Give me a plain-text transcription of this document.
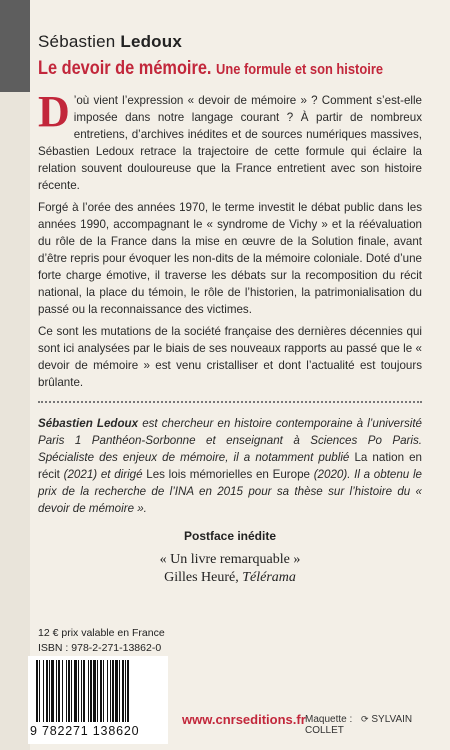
Sébastien Ledoux
Le devoir de mémoire. Une formule et son histoire

D ’où vient l’expression « devoir de mémoire » ? Comment s’est-elle imposée dans notre langage courant ? À partir de nombreux entretiens, d’archives inédites et de sources numériques massives, Sébastien Ledoux retrace la trajectoire de cette formule qui éclaire la relation souvent douloureuse que la France entretient avec son histoire récente.

Forgé à l’orée des années 1970, le terme investit le débat public dans les années 1990, accompagnant le « syndrome de Vichy » et la réévaluation du rôle de la France dans la mise en œuvre de la Solution finale, avant d’être repris pour évoquer les non-dits de la mémoire coloniale. Doté d’une forte charge émotive, il traverse les débats sur la recomposition du récit national, la place du témoin, le rôle de l’historien, la patrimonialisation du passé ou la reconnaissance des victimes.

Ce sont les mutations de la société française des dernières décennies qui sont ici analysées par le biais de ses nouveaux rapports au passé que le « devoir de mémoire » est venu cristalliser et dont l’actualité est toujours brûlante.

Sébastien Ledoux est chercheur en histoire contemporaine à l’université Paris 1 Panthéon-Sorbonne et enseignant à Sciences Po Paris. Spécialiste des enjeux de mémoire, il a notamment publié La nation en récit (2021) et dirigé Les lois mémorielles en Europe (2020). Il a obtenu le prix de la recherche de l’INA en 2015 pour sa thèse sur l’histoire du « devoir de mémoire ».
Postface inédite
« Un livre remarquable »
Gilles Heuré, Télérama
12 € prix valable en France
ISBN : 978-2-271-13862-0
9 782271 138620
www.cnrseditions.fr Maquette : ⟳ SYLVAIN COLLET
